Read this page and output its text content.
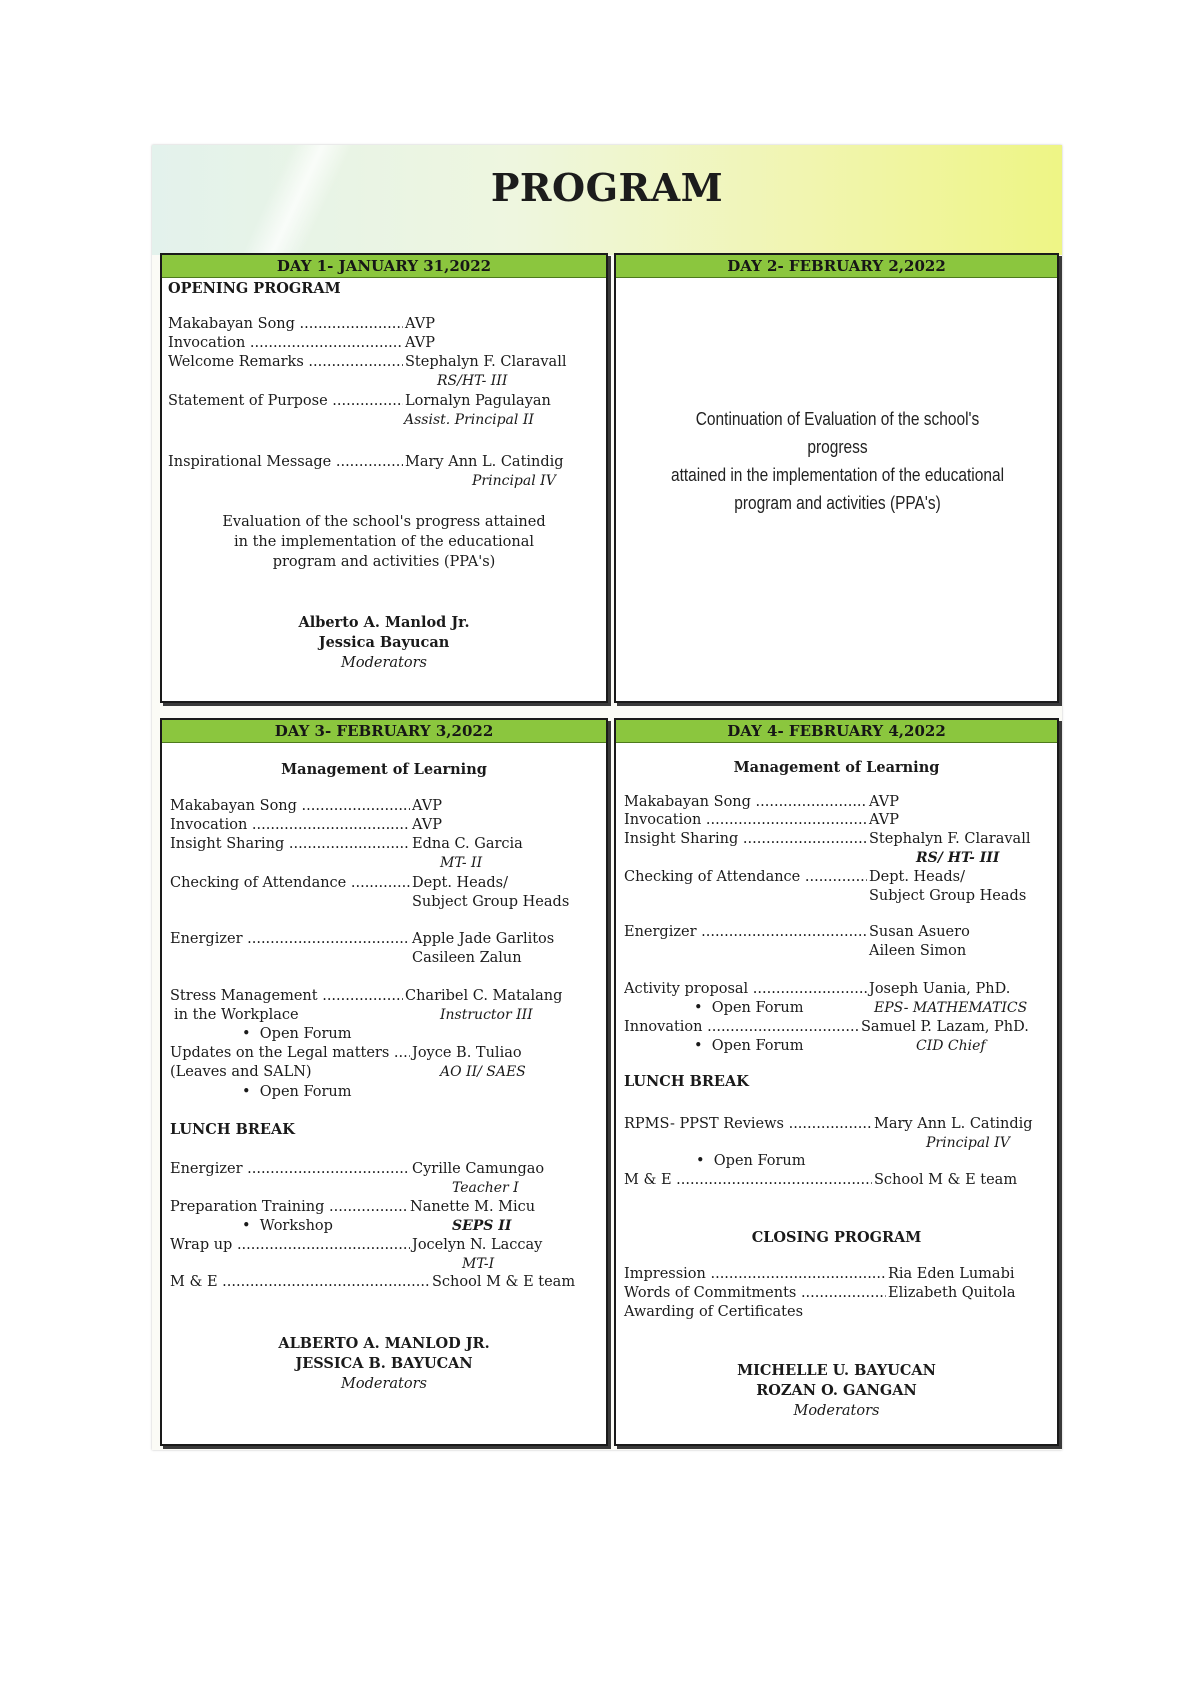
PROGRAM
DAY 1- JANUARY 31,2022
OPENING PROGRAM
Makabayan Song .....	AVP
Invocation .....	AVP
Welcome Remarks .....	Stephalyn F. Claravall
RS/HT- III
Statement of Purpose .....	Lornalyn Pagulayan
Assist. Principal II
Inspirational Message .....	Mary Ann L. Catindig
Principal IV
Evaluation of the school's progress attained
in the implementation of the educational
program and activities (PPA's)
Alberto A. Manlod Jr.
Jessica Bayucan
Moderators
DAY 2- FEBRUARY 2,2022
Continuation of Evaluation of the school's progress
attained in the implementation of the educational
program and activities (PPA's)
DAY 3- FEBRUARY 3,2022
Management of Learning
Makabayan Song .....	AVP
Invocation .....	AVP
Insight Sharing .....	Edna C. Garcia
MT- II
Checking of Attendance .....	Dept. Heads/
Subject Group Heads
Energizer .....	Apple Jade Garlitos
Casileen Zalun
Stress Management .....	Charibel C. Matalang
in the Workplace	Instructor III
•  Open Forum
Updates on the Legal matters .....	Joyce B. Tuliao
(Leaves and SALN)	AO II/ SAES
•  Open Forum
LUNCH BREAK
Energizer .....	Cyrille Camungao
Teacher I
Preparation Training .....	Nanette M. Micu
•  Workshop	SEPS II
Wrap up .....	Jocelyn N. Laccay
MT-I
M & E .....	School M & E team
ALBERTO A. MANLOD JR.
JESSICA B. BAYUCAN
Moderators
DAY 4- FEBRUARY 4,2022
Management of Learning
Makabayan Song .....	AVP
Invocation .....	AVP
Insight Sharing .....	Stephalyn F. Claravall
RS/ HT- III
Checking of Attendance .....	Dept. Heads/
Subject Group Heads
Energizer .....	Susan Asuero
Aileen Simon
Activity proposal .....	Joseph Uania, PhD.
•  Open Forum	EPS- MATHEMATICS
Innovation .....	Samuel P. Lazam, PhD.
•  Open Forum	CID Chief
LUNCH BREAK
RPMS- PPST Reviews .....	Mary Ann L. Catindig
Principal IV
•  Open Forum
M & E .....	School M & E team
CLOSING PROGRAM
Impression .....	Ria Eden Lumabi
Words of Commitments .....	Elizabeth Quitola
Awarding of Certificates
MICHELLE U. BAYUCAN
ROZAN O. GANGAN
Moderators
